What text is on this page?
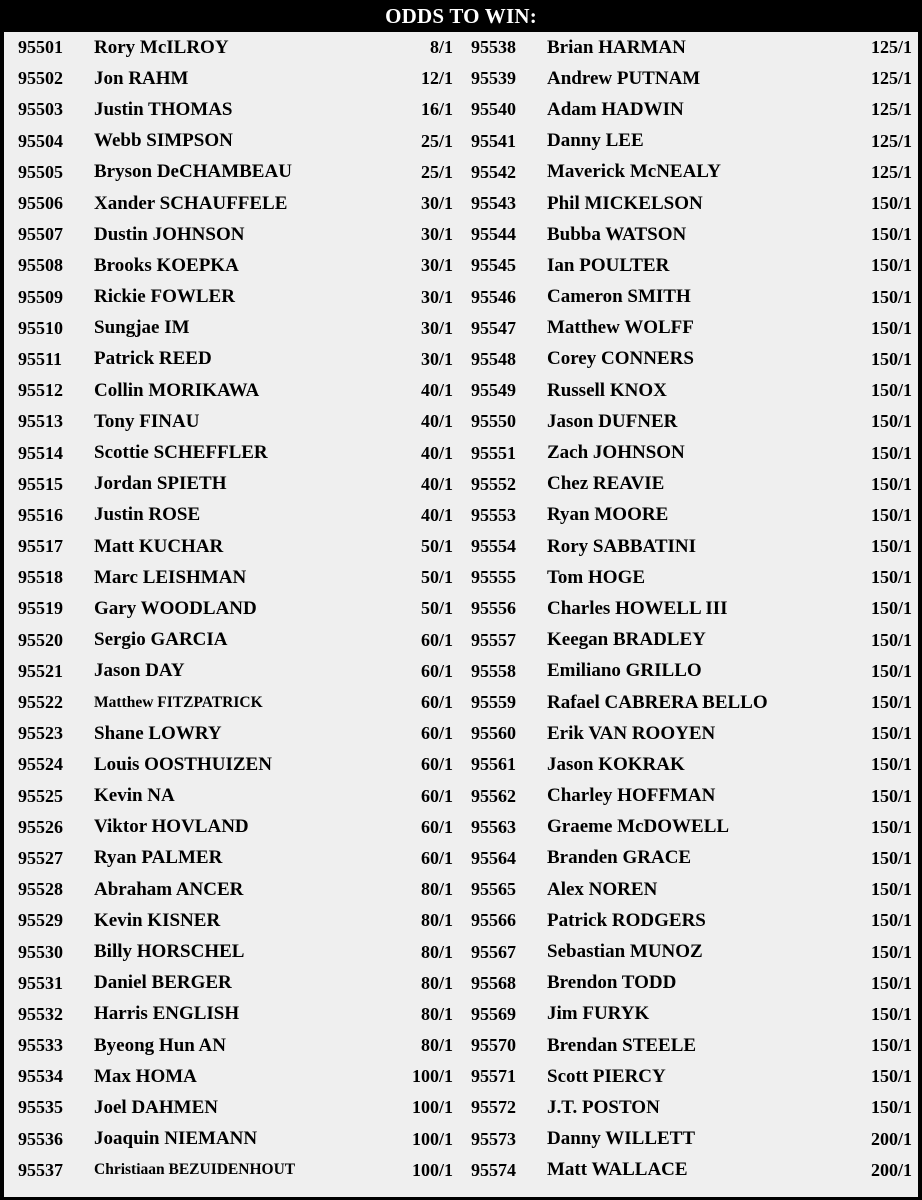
ODDS TO WIN:
95501	Rory McILROY	8/1
95502	Jon RAHM	12/1
95503	Justin THOMAS	16/1
95504	Webb SIMPSON	25/1
95505	Bryson DeCHAMBEAU	25/1
95506	Xander SCHAUFFELE	30/1
95507	Dustin JOHNSON	30/1
95508	Brooks KOEPKA	30/1
95509	Rickie FOWLER	30/1
95510	Sungjae IM	30/1
95511	Patrick REED	30/1
95512	Collin MORIKAWA	40/1
95513	Tony FINAU	40/1
95514	Scottie SCHEFFLER	40/1
95515	Jordan SPIETH	40/1
95516	Justin ROSE	40/1
95517	Matt KUCHAR	50/1
95518	Marc LEISHMAN	50/1
95519	Gary WOODLAND	50/1
95520	Sergio GARCIA	60/1
95521	Jason DAY	60/1
95522	Matthew FITZPATRICK	60/1
95523	Shane LOWRY	60/1
95524	Louis OOSTHUIZEN	60/1
95525	Kevin NA	60/1
95526	Viktor HOVLAND	60/1
95527	Ryan PALMER	60/1
95528	Abraham ANCER	80/1
95529	Kevin KISNER	80/1
95530	Billy HORSCHEL	80/1
95531	Daniel BERGER	80/1
95532	Harris ENGLISH	80/1
95533	Byeong Hun AN	80/1
95534	Max HOMA	100/1
95535	Joel DAHMEN	100/1
95536	Joaquin NIEMANN	100/1
95537	Christiaan BEZUIDENHOUT	100/1
95538	Brian HARMAN	125/1
95539	Andrew PUTNAM	125/1
95540	Adam HADWIN	125/1
95541	Danny LEE	125/1
95542	Maverick McNEALY	125/1
95543	Phil MICKELSON	150/1
95544	Bubba WATSON	150/1
95545	Ian POULTER	150/1
95546	Cameron SMITH	150/1
95547	Matthew WOLFF	150/1
95548	Corey CONNERS	150/1
95549	Russell KNOX	150/1
95550	Jason DUFNER	150/1
95551	Zach JOHNSON	150/1
95552	Chez REAVIE	150/1
95553	Ryan MOORE	150/1
95554	Rory SABBATINI	150/1
95555	Tom HOGE	150/1
95556	Charles HOWELL III	150/1
95557	Keegan BRADLEY	150/1
95558	Emiliano GRILLO	150/1
95559	Rafael CABRERA BELLO	150/1
95560	Erik VAN ROOYEN	150/1
95561	Jason KOKRAK	150/1
95562	Charley HOFFMAN	150/1
95563	Graeme McDOWELL	150/1
95564	Branden GRACE	150/1
95565	Alex NOREN	150/1
95566	Patrick RODGERS	150/1
95567	Sebastian MUNOZ	150/1
95568	Brendon TODD	150/1
95569	Jim FURYK	150/1
95570	Brendan STEELE	150/1
95571	Scott PIERCY	150/1
95572	J.T. POSTON	150/1
95573	Danny WILLETT	200/1
95574	Matt WALLACE	200/1
